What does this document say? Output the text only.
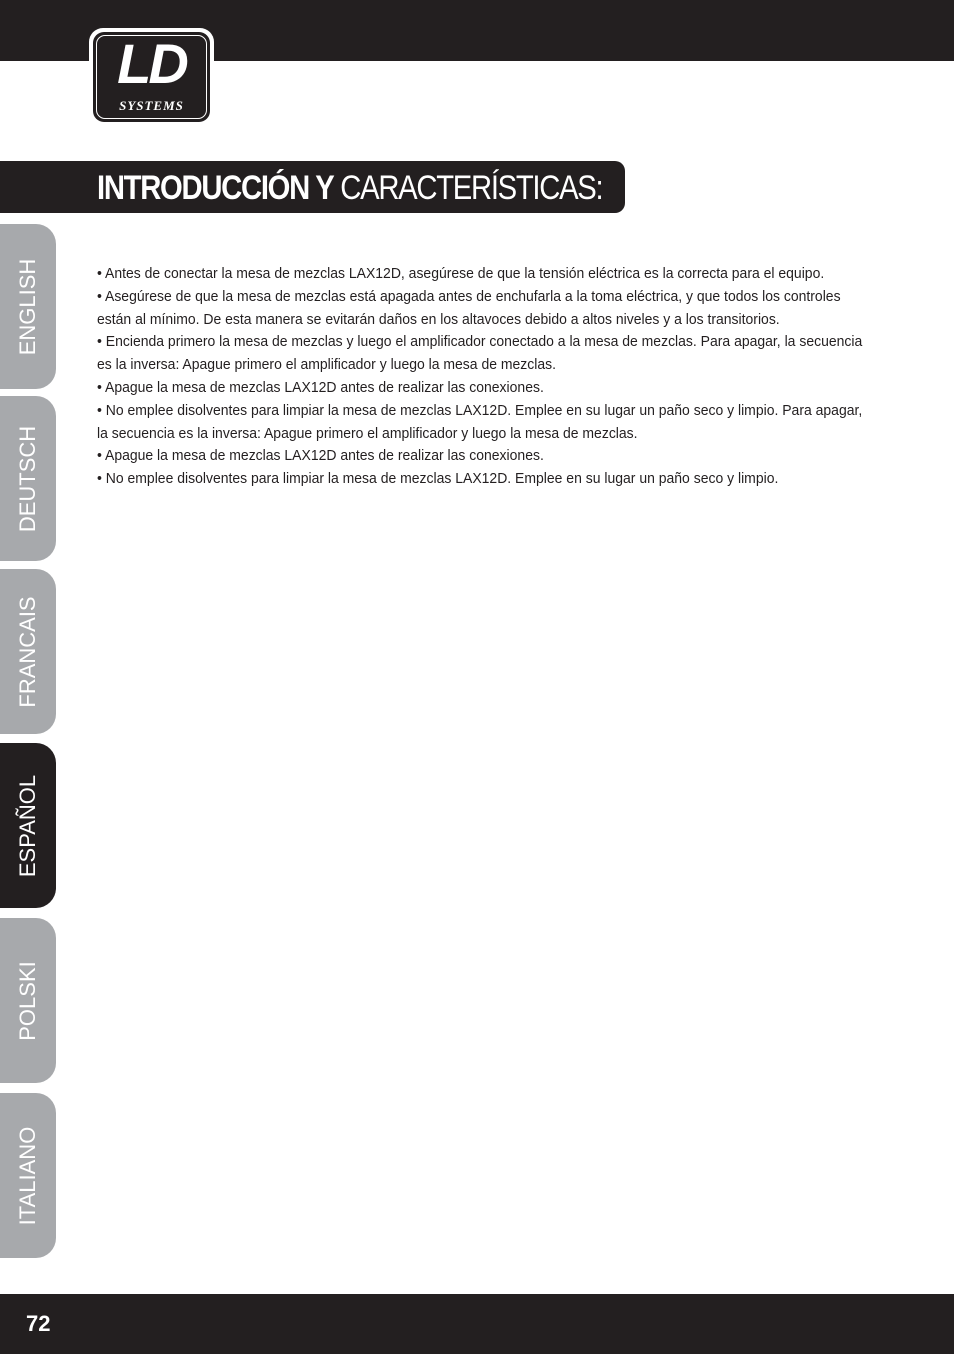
LD
SYSTEMS
INTRODUCCIÓN Y CARACTERÍSTICAS:
ENGLISH
DEUTSCH
FRANCAIS
ESPAÑOL
POLSKI
ITALIANO

• Antes de conectar la mesa de mezclas LAX12D, asegúrese de que la tensión eléctrica es la correcta para el equipo.

• Asegúrese de que la mesa de mezclas está apagada antes de enchufarla a la toma eléctrica, y que todos los controles están al mínimo. De esta manera se evitarán daños en los altavoces debido a altos niveles y a los transitorios.

• Encienda primero la mesa de mezclas y luego el amplificador conectado a la mesa de mezclas. Para apagar, la secuencia es la inversa: Apague primero el amplificador y luego la mesa de mezclas.

• Apague la mesa de mezclas LAX12D antes de realizar las conexiones.

• No emplee disolventes para limpiar la mesa de mezclas LAX12D. Emplee en su lugar un paño seco y limpio. Para apagar, la secuencia es la inversa: Apague primero el amplificador y luego la mesa de mezclas.

• Apague la mesa de mezclas LAX12D antes de realizar las conexiones.

• No emplee disolventes para limpiar la mesa de mezclas LAX12D. Emplee en su lugar un paño seco y limpio.

72
